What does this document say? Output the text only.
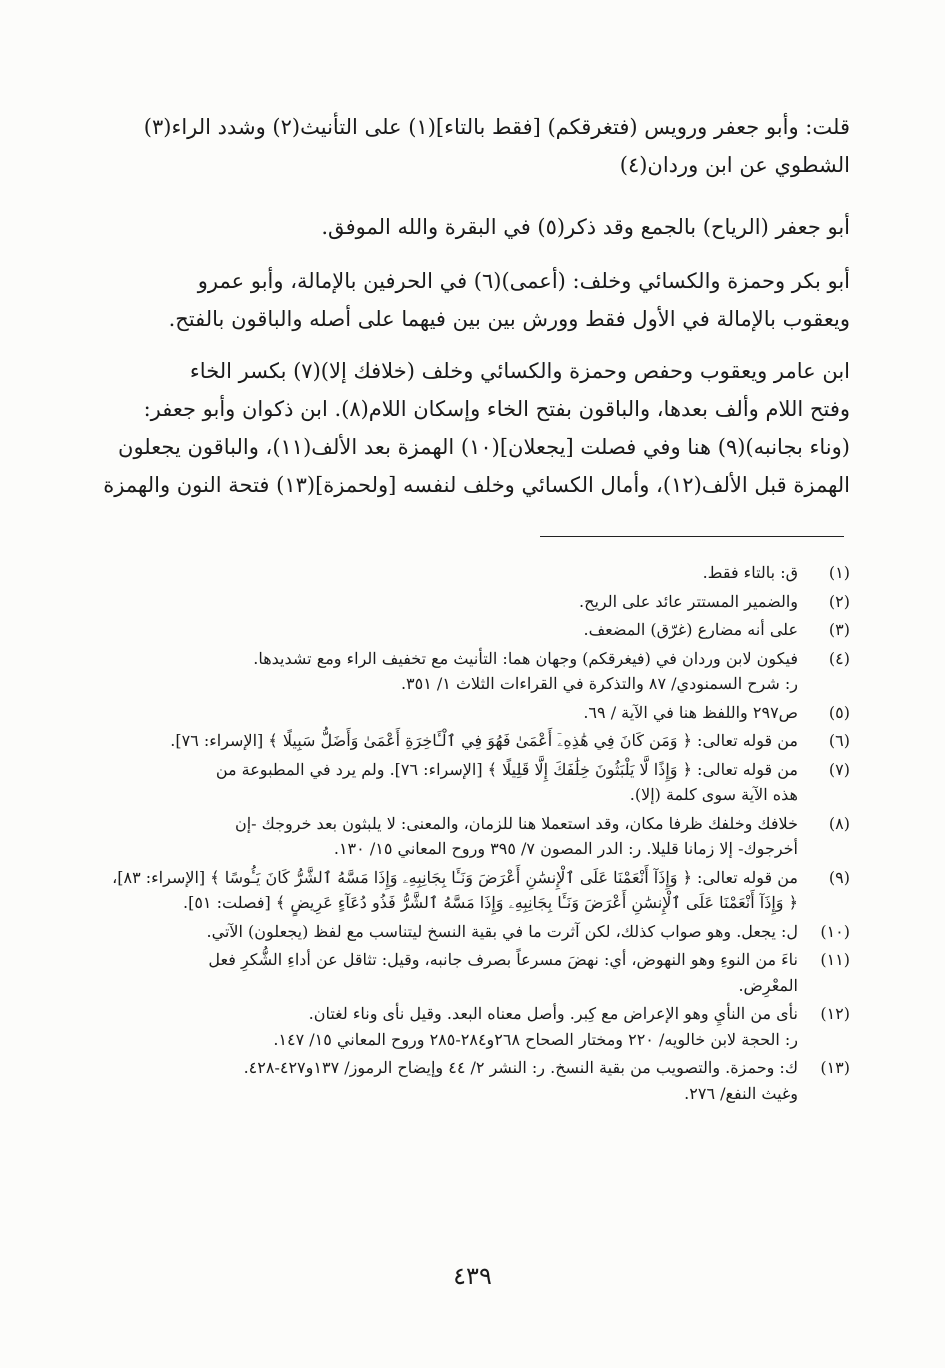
قلت: وأبو جعفر ورويس (فتغرقكم) [فقط بالتاء](١) على التأنيث(٢) وشدد الراء(٣)
الشطوي عن ابن وردان(٤)
أبو جعفر (الرياح) بالجمع وقد ذكر(٥) في البقرة والله الموفق.
أبو بكر وحمزة والكسائي وخلف: (أعمى)(٦) في الحرفين بالإمالة، وأبو عمرو
ويعقوب بالإمالة في الأول فقط وورش بين بين فيهما على أصله والباقون بالفتح.
ابن عامر ويعقوب وحفص وحمزة والكسائي وخلف (خلافك إلا)(٧) بكسر الخاء
وفتح اللام وألف بعدها، والباقون بفتح الخاء وإسكان اللام(٨). ابن ذكوان وأبو جعفر:
(وناء بجانبه)(٩) هنا وفي فصلت [يجعلان](١٠) الهمزة بعد الألف(١١)، والباقون يجعلون
الهمزة قبل الألف(١٢)، وأمال الكسائي وخلف لنفسه [ولحمزة](١٣) فتحة النون والهمزة
(١)
ق: بالتاء فقط.
(٢)
والضمير المستتر عائد على الريح.
(٣)
على أنه مضارع (غرّق) المضعف.
(٤)
فيكون لابن وردان في (فيغرقكم) وجهان هما: التأنيث مع تخفيف الراء ومع تشديدها.
ر: شرح السمنودي/ ٨٧ والتذكرة في القراءات الثلاث ١/ ٣٥١.
(٥)
ص٢٩٧ واللفظ هنا في الآية / ٦٩.
(٦)
من قوله تعالى: ﴿ وَمَن كَانَ فِي هَٰذِهِۦٓ أَعْمَىٰ فَهُوَ فِي ٱلْـَٔاخِرَةِ أَعْمَىٰ وَأَضَلُّ سَبِيلًا ﴾ [الإسراء: ٧٦].
(٧)
من قوله تعالى: ﴿ وَإِذًا لَّا يَلْبَثُونَ خِلَٰفَكَ إِلَّا قَلِيلًا ﴾ [الإسراء: ٧٦]. ولم يرد في المطبوعة من
هذه الآية سوى كلمة (إلا).
(٨)
خلافك وخلفك ظرفا مكان، وقد استعملا هنا للزمان، والمعنى: لا يلبثون بعد خروجك -إن
أخرجوك- إلا زمانا قليلا. ر: الدر المصون ٧/ ٣٩٥ وروح المعاني ١٥/ ١٣٠.
(٩)
من قوله تعالى: ﴿ وَإِذَآ أَنْعَمْنَا عَلَى ٱلْإِنسَٰنِ أَعْرَضَ وَنَـَٔا بِجَانِبِهِۦ وَإِذَا مَسَّهُ ٱلشَّرُّ كَانَ يَـُٔوسًا ﴾ [الإسراء: ٨٣]،
﴿ وَإِذَآ أَنْعَمْنَا عَلَى ٱلْإِنسَٰنِ أَعْرَضَ وَنَـَٔا بِجَانِبِهِۦ وَإِذَا مَسَّهُ ٱلشَّرُّ فَذُو دُعَآءٍ عَرِيضٍ ﴾ [فصلت: ٥١].
(١٠)
ل: يجعل. وهو صواب كذلك، لكن آثرت ما في بقية النسخ ليتناسب مع لفظ (يجعلون) الآتي.
(١١)
ناءَ من النوءِ وهو النهوض، أي: نهضَ مسرعاً بصرف جانبه، وقيل: تثاقل عن أداءِ الشُّكرِ فعل
المعْرِض.
(١٢)
نأى من النأيِ وهو الإعراض مع كِبر. وأصل معناه البعد. وقيل نأى وناء لغتان.
ر: الحجة لابن خالويه/ ٢٢٠ ومختار الصحاح ٢٦٨و٢٨٤-٢٨٥ وروح المعاني ١٥/ ١٤٧.
(١٣)
ك: وحمزة. والتصويب من بقية النسخ. ر: النشر ٢/ ٤٤ وإيضاح الرموز/ ١٣٧و٤٢٧-٤٢٨.
وغيث النفع/ ٢٧٦.
٤٣٩
